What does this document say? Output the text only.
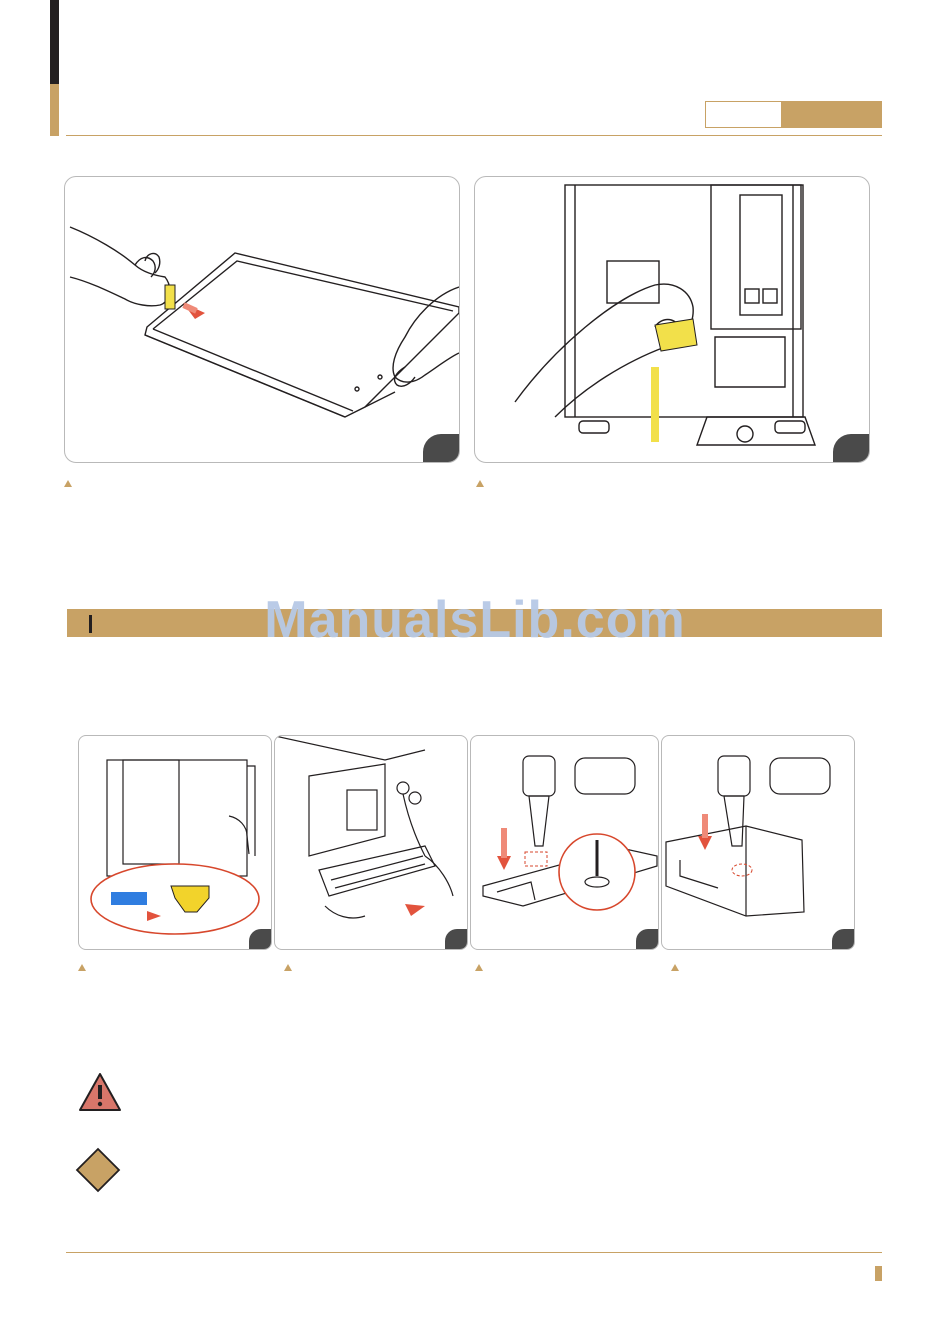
ManualsLib.com
